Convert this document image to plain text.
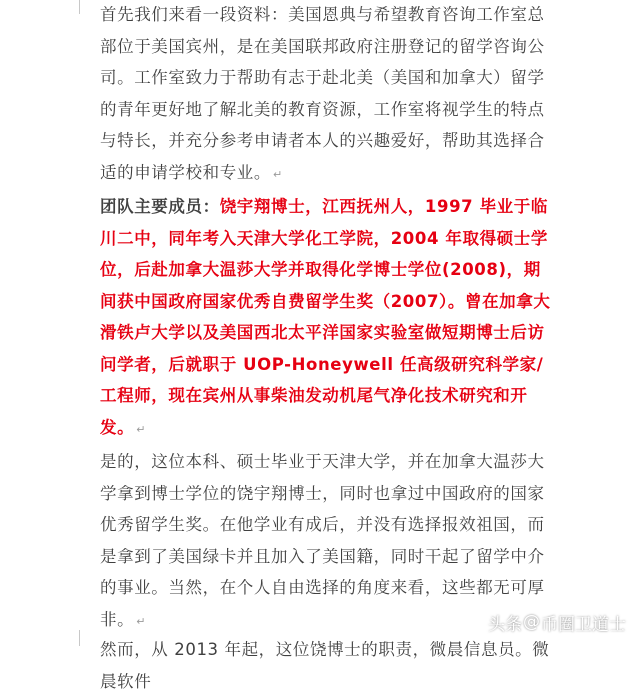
首先我们来看一段资料：美国恩典与希望教育咨询工作室总部位于美国宾州，是在美国联邦政府注册登记的留学咨询公司。工作室致力于帮助有志于赴北美（美国和加拿大）留学的青年更好地了解北美的教育资源，工作室将视学生的特点与特长，并充分参考申请者本人的兴趣爱好，帮助其选择合适的申请学校和专业。 ↵

团队主要成员：饶宇翔博士，江西抚州人，1997 毕业于临川二中，同年考入天津大学化工学院，2004 年取得硕士学位，后赴加拿大温莎大学并取得化学博士学位(2008)，期间获中国政府国家优秀自费留学生奖（2007）。曾在加拿大滑铁卢大学以及美国西北太平洋国家实验室做短期博士后访问学者，后就职于 UOP-Honeywell 任高级研究科学家/工程师，现在宾州从事柴油发动机尾气净化技术研究和开发。 ↵

是的，这位本科、硕士毕业于天津大学，并在加拿大温莎大学拿到博士学位的饶宇翔博士，同时也拿过中国政府的国家优秀留学生奖。在他学业有成后，并没有选择报效祖国，而是拿到了美国绿卡并且加入了美国籍，同时干起了留学中介的事业。当然，在个人自由选择的角度来看，这些都无可厚非。 ↵

然而，从 2013 年起，这位饶博士的职责，微晨信息员。微晨软件

头条 @ 币圈卫道士
